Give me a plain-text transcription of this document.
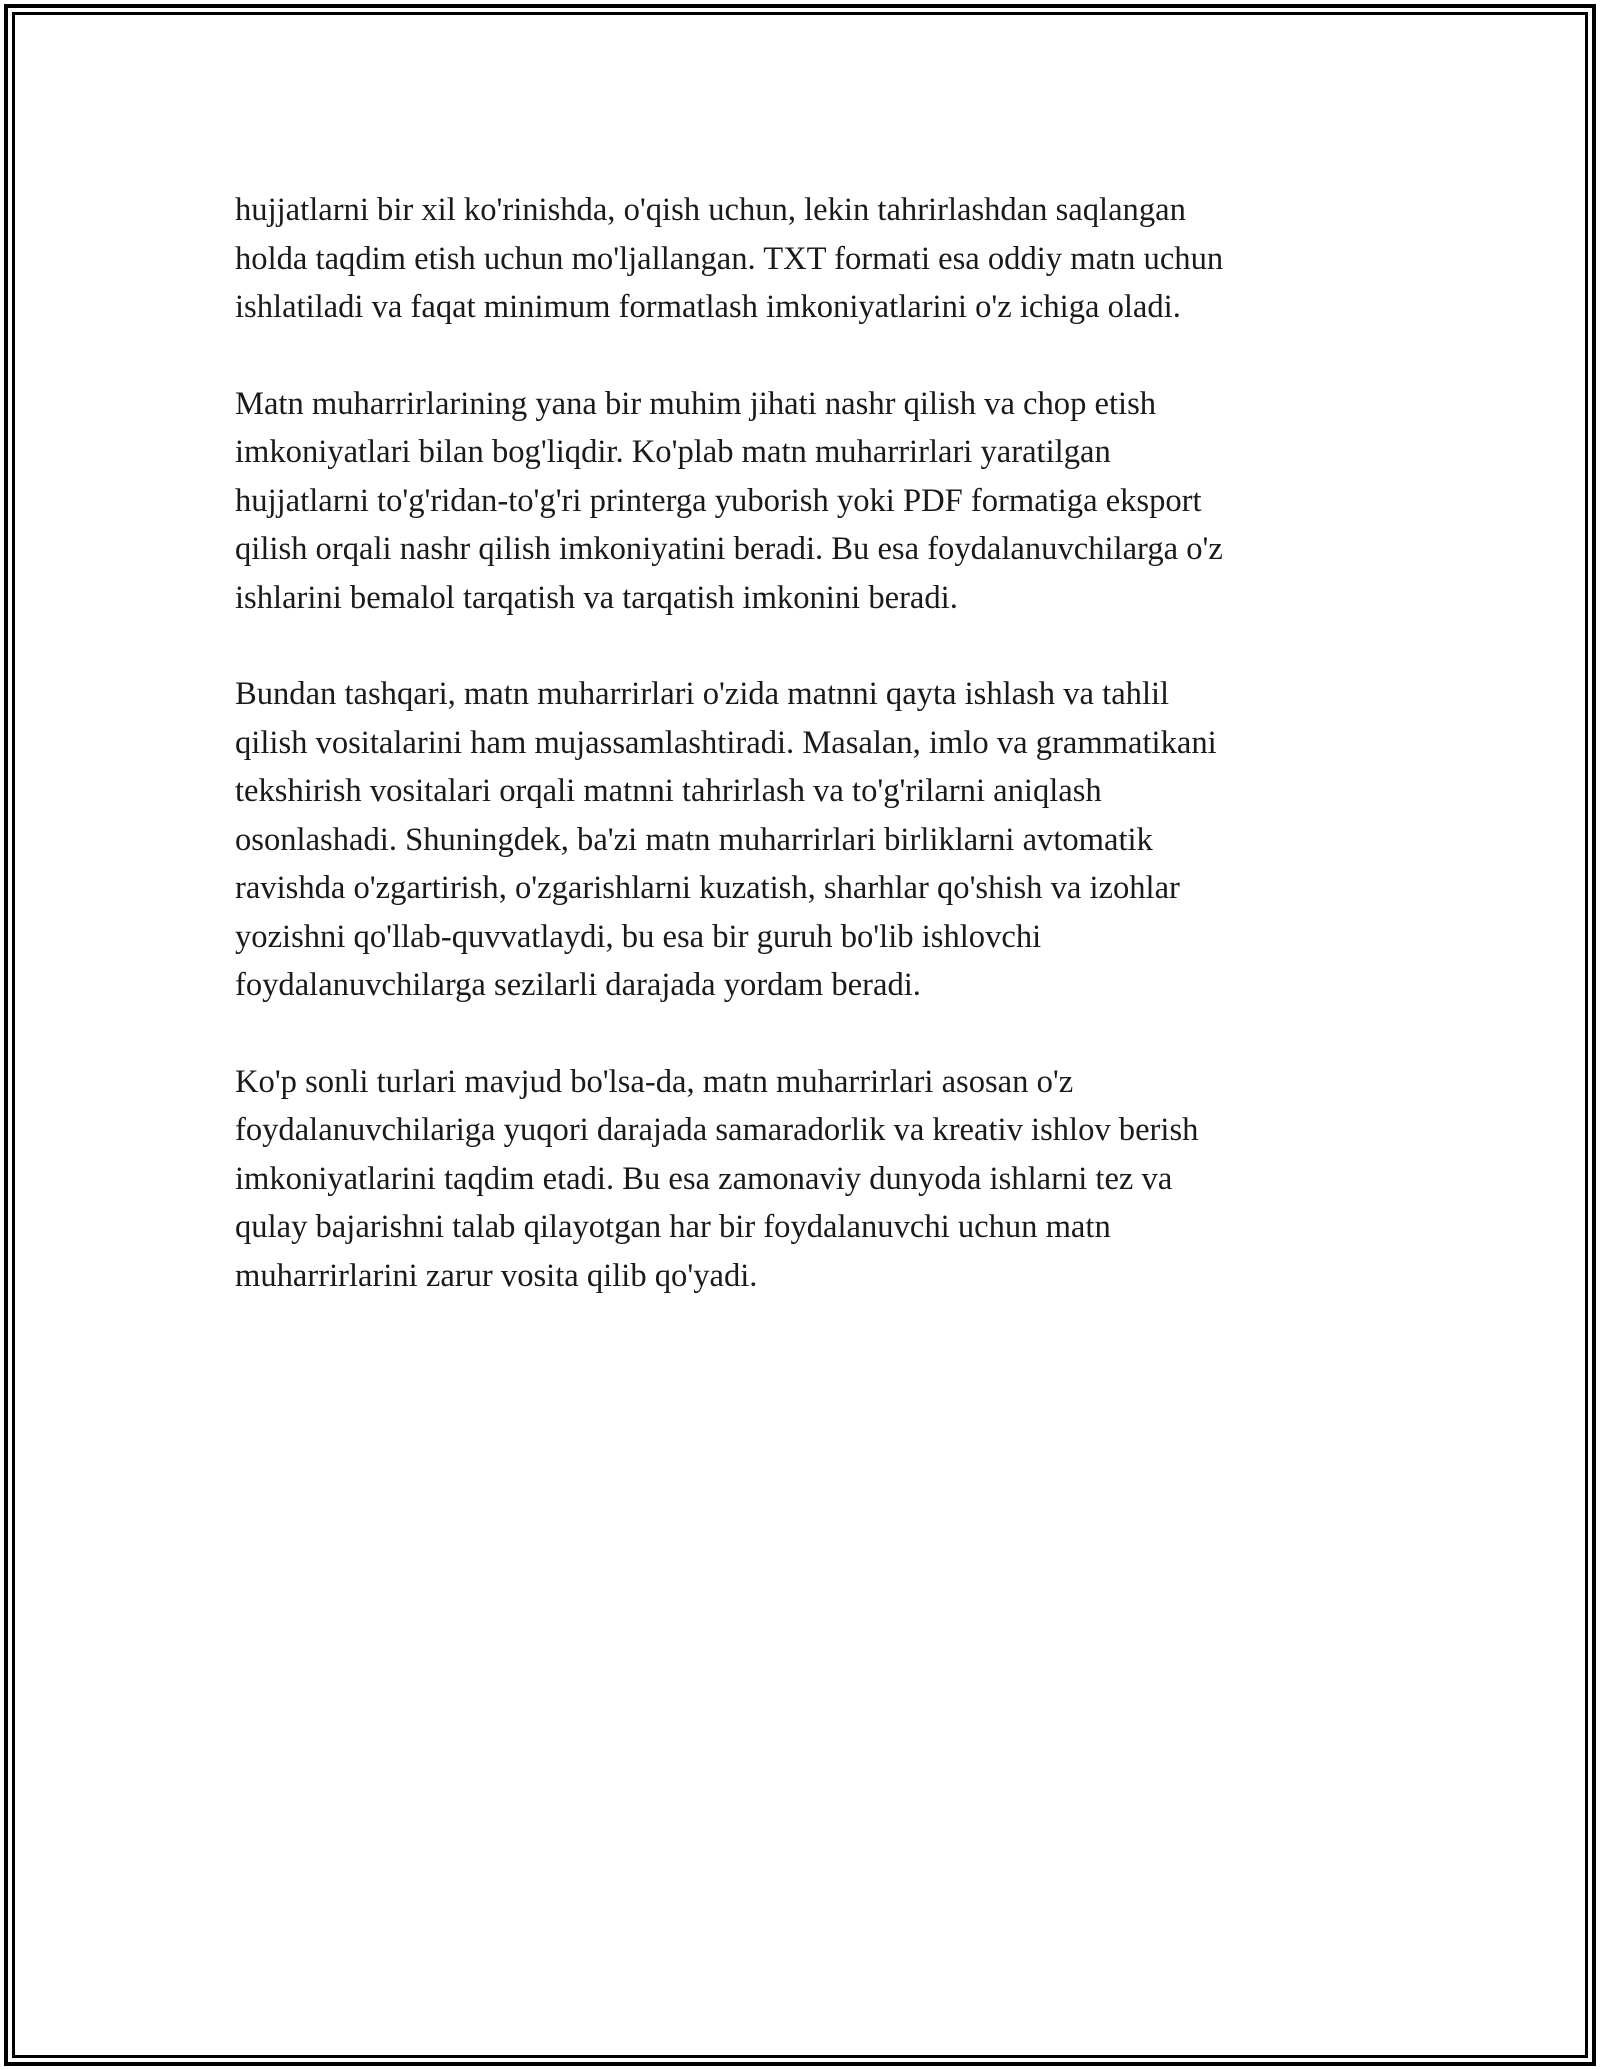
hujjatlarni bir xil ko'rinishda, o'qish uchun, lekin tahrirlashdan saqlangan
holda taqdim etish uchun mo'ljallangan. TXT formati esa oddiy matn uchun
ishlatiladi va faqat minimum formatlash imkoniyatlarini o'z ichiga oladi.

Matn muharrirlarining yana bir muhim jihati nashr qilish va chop etish
imkoniyatlari bilan bog'liqdir. Ko'plab matn muharrirlari yaratilgan
hujjatlarni to'g'ridan-to'g'ri printerga yuborish yoki PDF formatiga eksport
qilish orqali nashr qilish imkoniyatini beradi. Bu esa foydalanuvchilarga o'z
ishlarini bemalol tarqatish va tarqatish imkonini beradi.

Bundan tashqari, matn muharrirlari o'zida matnni qayta ishlash va tahlil
qilish vositalarini ham mujassamlashtiradi. Masalan, imlo va grammatikani
tekshirish vositalari orqali matnni tahrirlash va to'g'rilarni aniqlash
osonlashadi. Shuningdek, ba'zi matn muharrirlari birliklarni avtomatik
ravishda o'zgartirish, o'zgarishlarni kuzatish, sharhlar qo'shish va izohlar
yozishni qo'llab-quvvatlaydi, bu esa bir guruh bo'lib ishlovchi
foydalanuvchilarga sezilarli darajada yordam beradi.

Ko'p sonli turlari mavjud bo'lsa-da, matn muharrirlari asosan o'z
foydalanuvchilariga yuqori darajada samaradorlik va kreativ ishlov berish
imkoniyatlarini taqdim etadi. Bu esa zamonaviy dunyoda ishlarni tez va
qulay bajarishni talab qilayotgan har bir foydalanuvchi uchun matn
muharrirlarini zarur vosita qilib qo'yadi.
